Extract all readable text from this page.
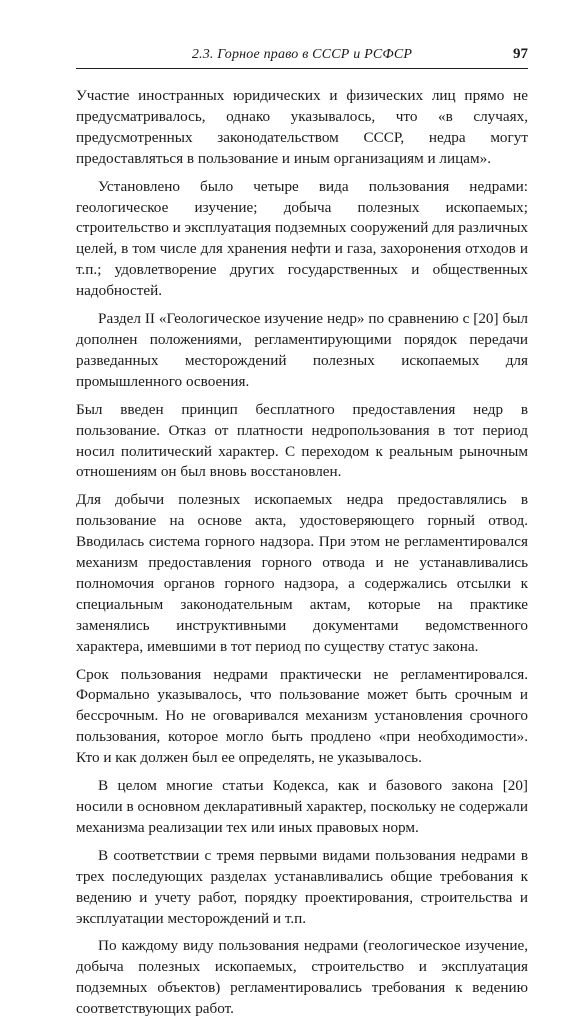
2.3. Горное право в СССР и РСФСР	97

Участие иностранных юридических и физических лиц прямо не предусматривалось, однако указывалось, что «в случаях, предусмотренных законодательством СССР, недра могут предоставляться в пользование и иным организациям и лицам».

Установлено было четыре вида пользования недрами: геологическое изучение; добыча полезных ископаемых; строительство и эксплуатация подземных сооружений для различных целей, в том числе для хранения нефти и газа, захоронения отходов и т.п.; удовлетворение других государственных и общественных надобностей.

Раздел II «Геологическое изучение недр» по сравнению с [20] был дополнен положениями, регламентирующими порядок передачи разведанных месторождений полезных ископаемых для промышленного освоения.

Был введен принцип бесплатного предоставления недр в пользование. Отказ от платности недропользования в тот период носил политический характер. С переходом к реальным рыночным отношениям он был вновь восстановлен.

Для добычи полезных ископаемых недра предоставлялись в пользование на основе акта, удостоверяющего горный отвод. Вводилась система горного надзора. При этом не регламентировался механизм предоставления горного отвода и не устанавливались полномочия органов горного надзора, а содержались отсылки к специальным законодательным актам, которые на практике заменялись инструктивными документами ведомственного характера, имевшими в тот период по существу статус закона.

Срок пользования недрами практически не регламентировался. Формально указывалось, что пользование может быть срочным и бессрочным. Но не оговаривался механизм установления срочного пользования, которое могло быть продлено «при необходимости». Кто и как должен был ее определять, не указывалось.

В целом многие статьи Кодекса, как и базового закона [20] носили в основном декларативный характер, поскольку не содержали механизма реализации тех или иных правовых норм.

В соответствии с тремя первыми видами пользования недрами в трех последующих разделах устанавливались общие требования к ведению и учету работ, порядку проектирования, строительства и эксплуатации месторождений и т.п.

По каждому виду пользования недрами (геологическое изучение, добыча полезных ископаемых, строительство и эксплуатация подземных объектов) регламентировались требования к ведению соответствующих работ.
